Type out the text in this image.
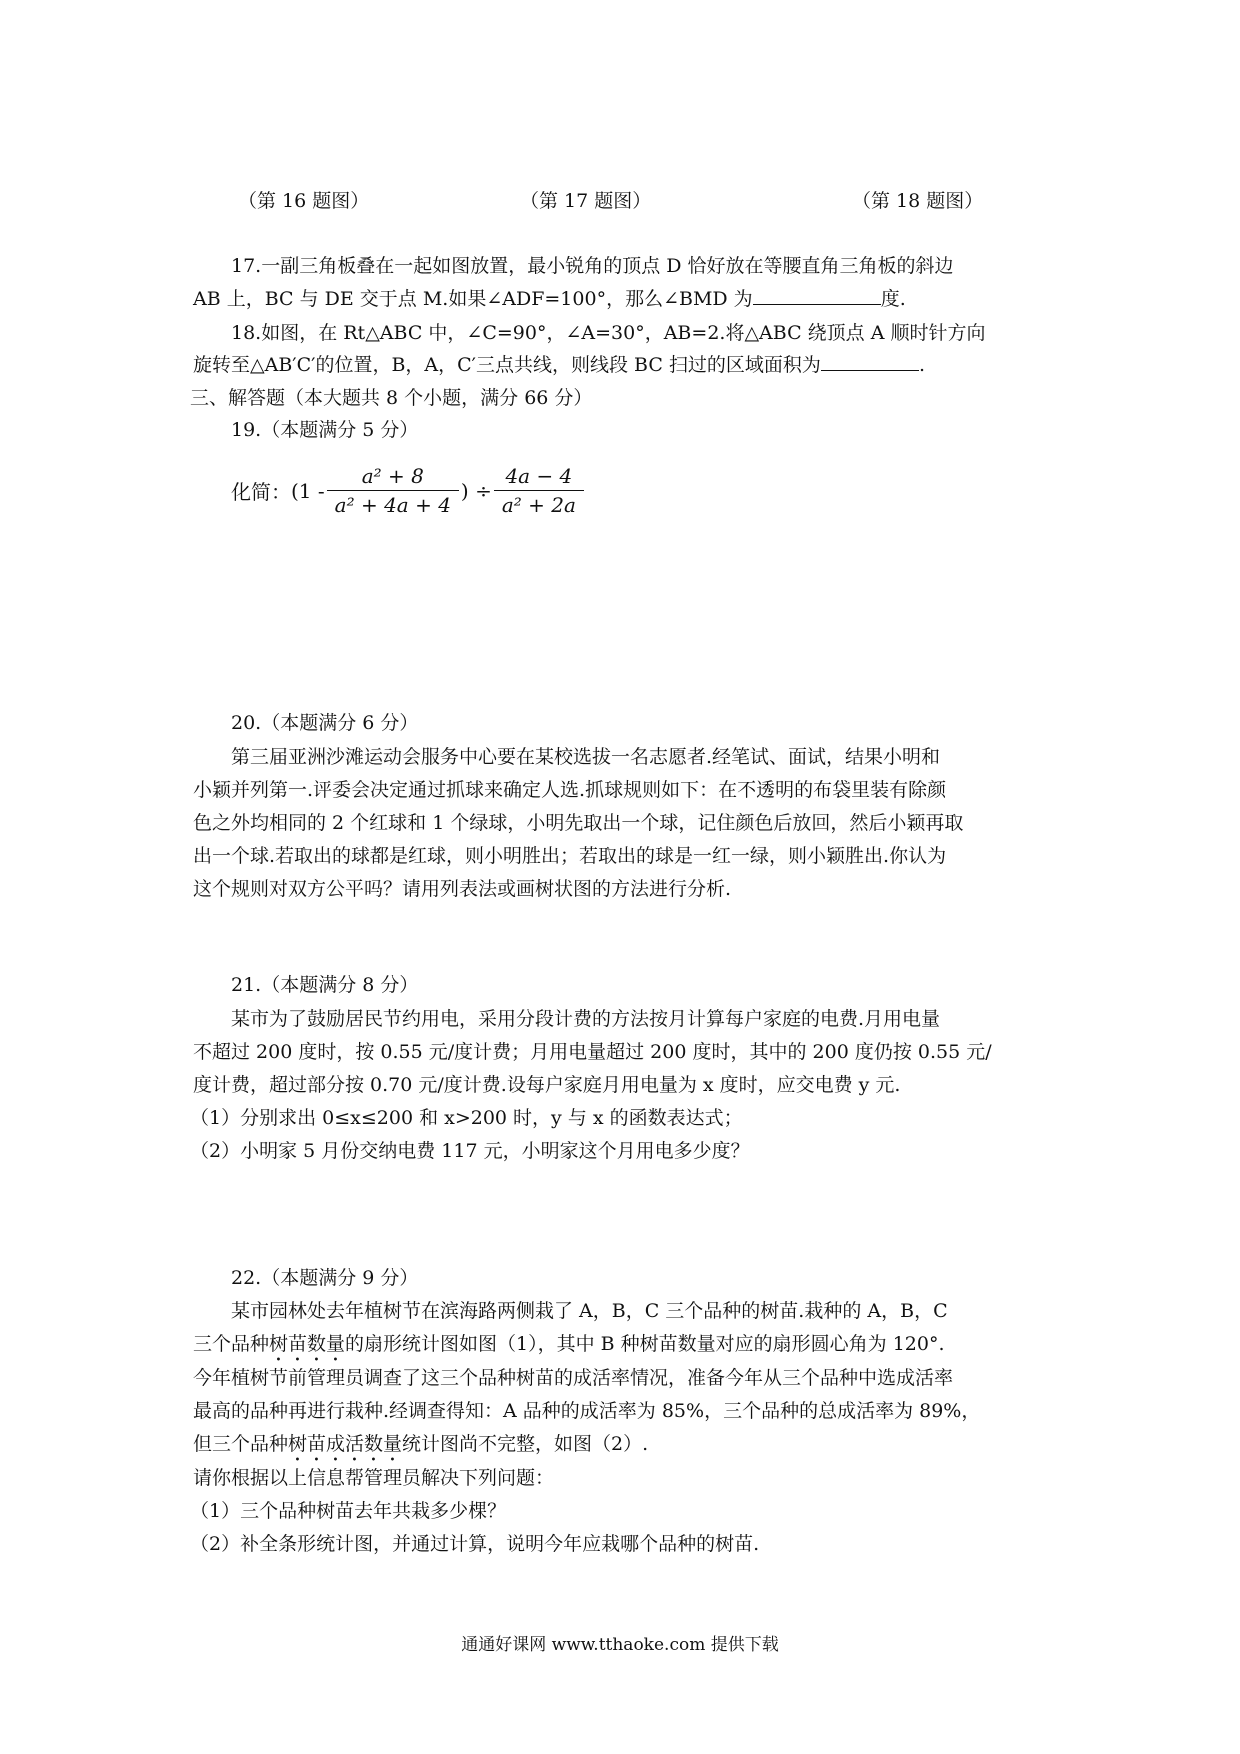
（第 16 题图）	（第 17 题图）	（第 18 题图）
17.一副三角板叠在一起如图放置，最小锐角的顶点 D 恰好放在等腰直角三角板的斜边
AB 上，BC 与 DE 交于点 M.如果∠ADF=100°，那么∠BMD 为	度.
18.如图，在 Rt△ABC 中，∠C=90°，∠A=30°，AB=2.将△ABC 绕顶点 A 顺时针方向
旋转至△AB′C′的位置，B，A，C′三点共线，则线段 BC 扫过的区域面积为	.
三、解答题（本大题共 8 个小题，满分 66 分）
19.（本题满分 5 分）
化简： ($1 - \frac{\text{a² + 8}}{\text{a² + 4a + 4}}$ ) ÷ $\frac{4a - 4}{\text{a² + 2a}}$
20.（本题满分 6 分）
第三届亚洲沙滩运动会服务中心要在某校选拔一名志愿者.经笔试、面试，结果小明和
小颖并列第一.评委会决定通过抓球来确定人选.抓球规则如下：在不透明的布袋里装有除颜
色之外均相同的 2 个红球和 1 个绿球，小明先取出一个球，记住颜色后放回，然后小颖再取
出一个球.若取出的球都是红球，则小明胜出；若取出的球是一红一绿，则小颖胜出.你认为
这个规则对双方公平吗？请用列表法或画树状图的方法进行分析.
21.（本题满分 8 分）
某市为了鼓励居民节约用电，采用分段计费的方法按月计算每户家庭的电费.月用电量
不超过 200 度时，按 0.55 元/度计费；月用电量超过 200 度时，其中的 200 度仍按 0.55 元/
度计费，超过部分按 0.70 元/度计费.设每户家庭月用电量为 x 度时，应交电费 y 元.
（1）分别求出 0≤x≤200 和 x>200 时，y 与 x 的函数表达式；
（2）小明家 5 月份交纳电费 117 元，小明家这个月用电多少度？
22.（本题满分 9 分）
某市园林处去年植树节在滨海路两侧栽了 A，B，C 三个品种的树苗.栽种的 A，B，C
三个品种树苗数量的扇形统计图如图（1），其中 B 种树苗数量对应的扇形圆心角为 120°.
今年植树节前管理员调查了这三个品种树苗的成活率情况，准备今年从三个品种中选成活率
最高的品种再进行栽种.经调查得知：A 品种的成活率为 85%，三个品种的总成活率为 89%，
但三个品种树苗成活数量统计图尚不完整，如图（2）.
请你根据以上信息帮管理员解决下列问题：
（1）三个品种树苗去年共栽多少棵？
（2）补全条形统计图，并通过计算，说明今年应栽哪个品种的树苗.
通通好课网 www.tthaoke.com 提供下载
